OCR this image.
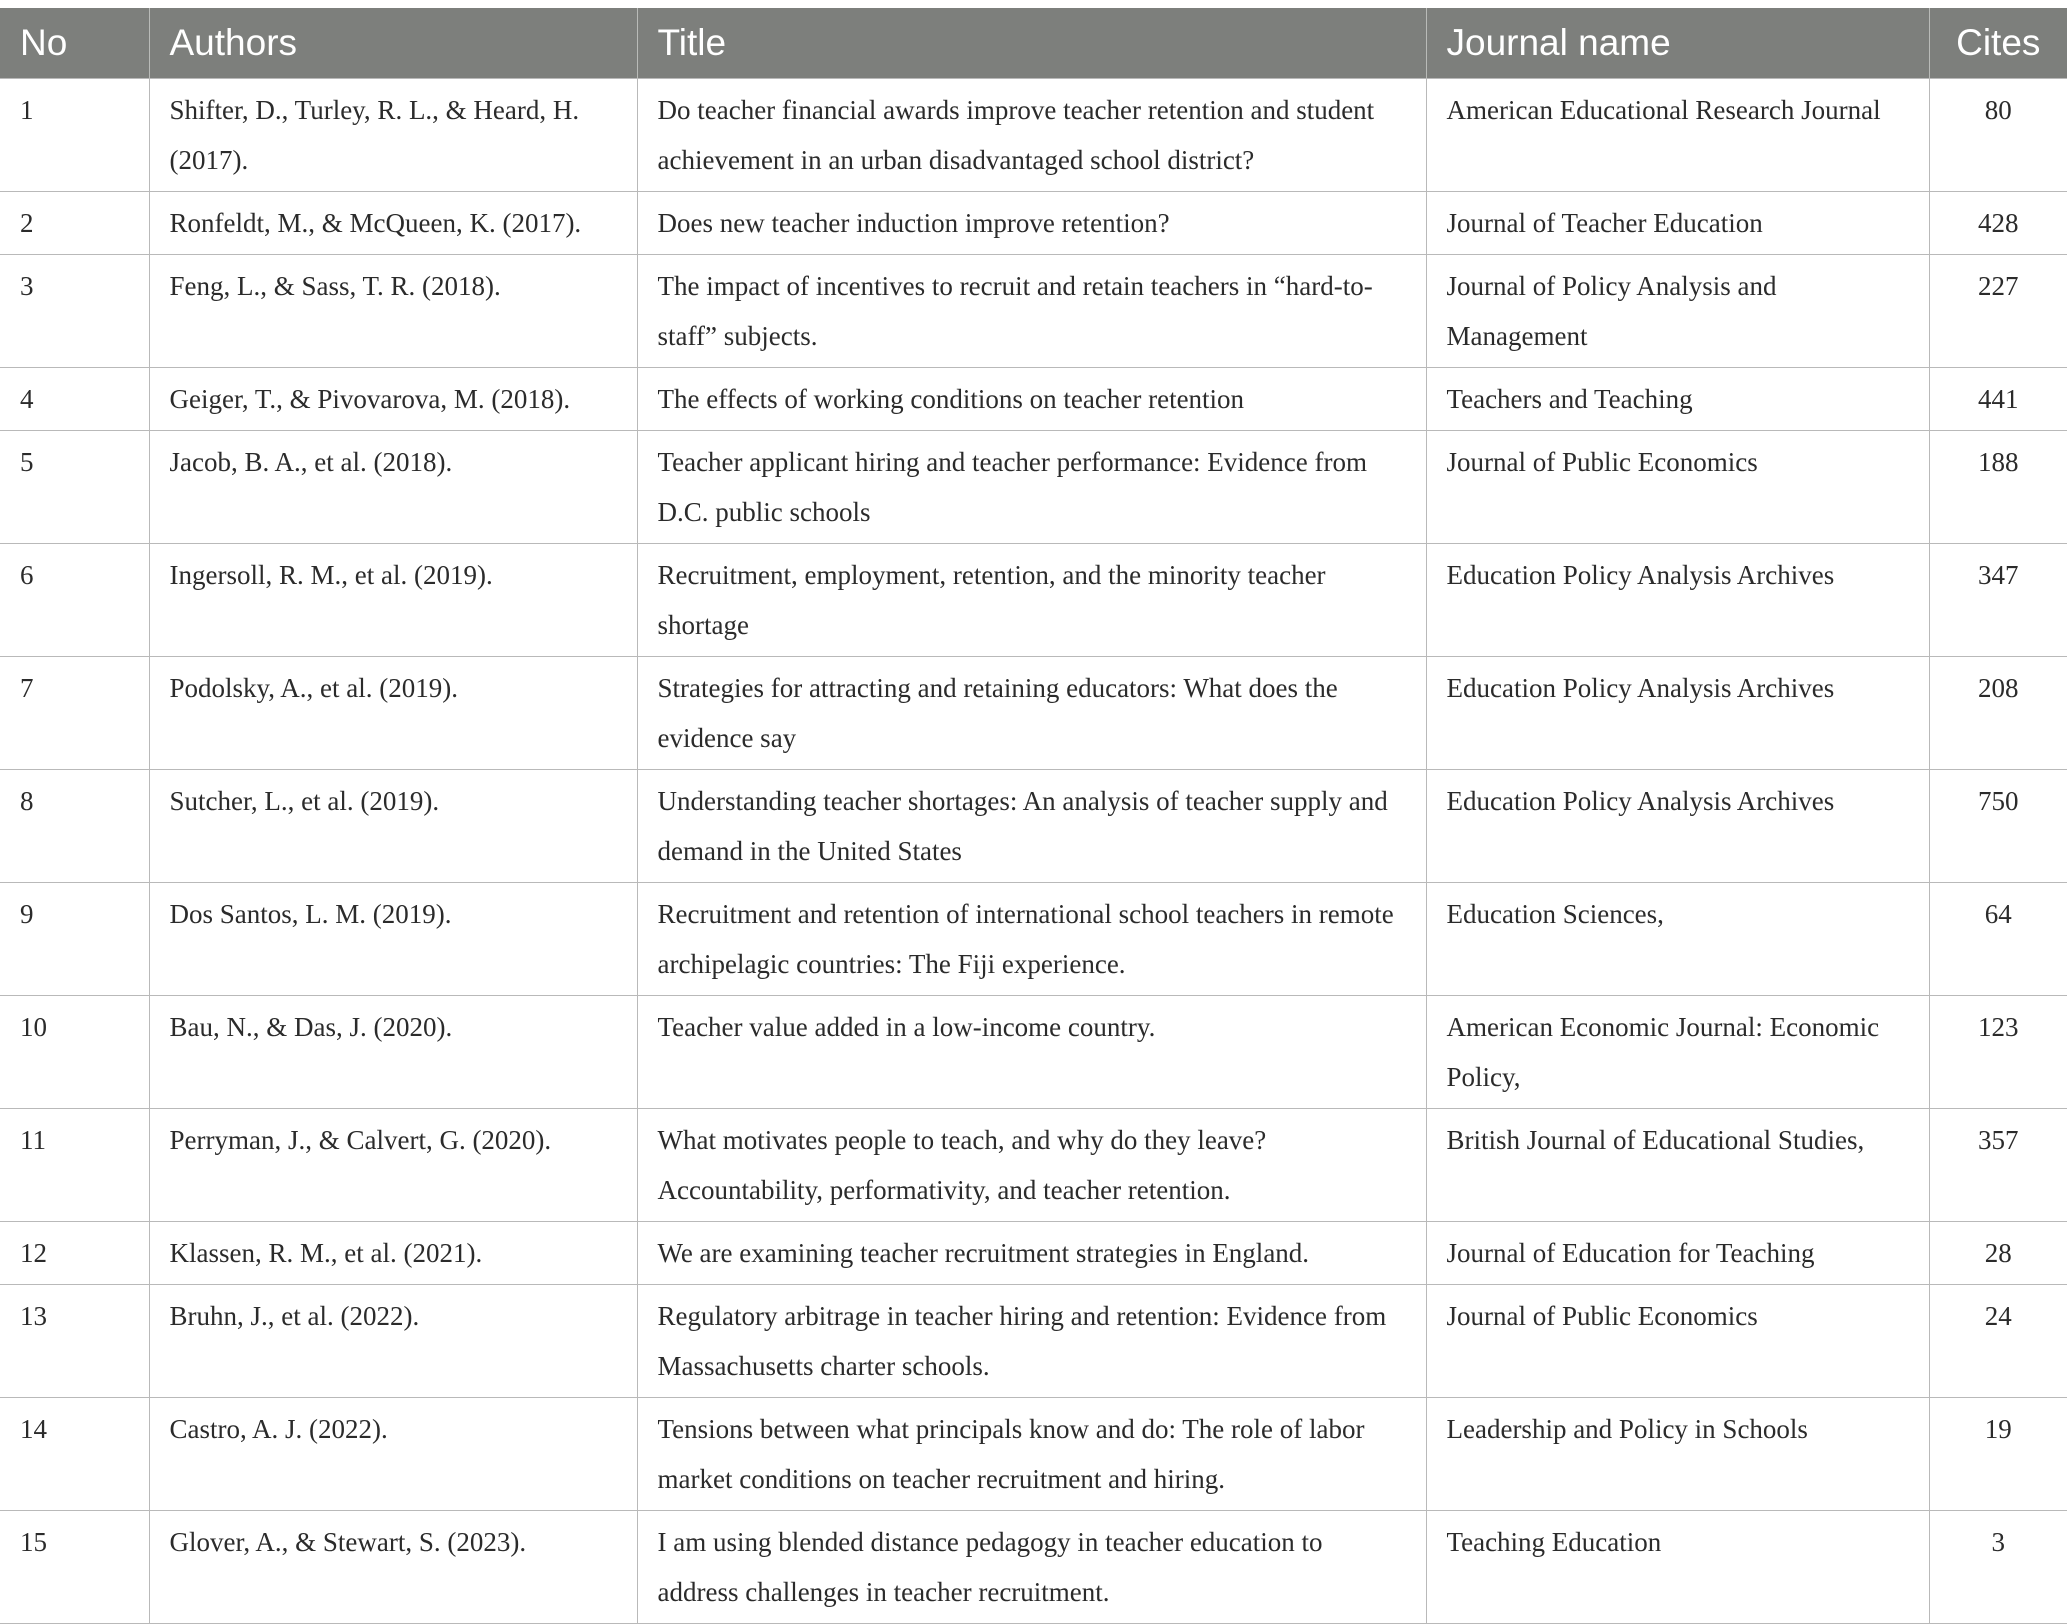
No	Authors	Title	Journal name	Cites
1	Shifter, D., Turley, R. L., & Heard, H. (2017).	Do teacher financial awards improve teacher retention and student achievement in an urban disadvantaged school district?	American Educational Research Journal	80
2	Ronfeldt, M., & McQueen, K. (2017).	Does new teacher induction improve retention?	Journal of Teacher Education	428
3	Feng, L., & Sass, T. R. (2018).	The impact of incentives to recruit and retain teachers in “hard-to-staff” subjects.	Journal of Policy Analysis and Management	227
4	Geiger, T., & Pivovarova, M. (2018).	The effects of working conditions on teacher retention	Teachers and Teaching	441
5	Jacob, B. A., et al. (2018).	Teacher applicant hiring and teacher performance: Evidence from D.C. public schools	Journal of Public Economics	188
6	Ingersoll, R. M., et al. (2019).	Recruitment, employment, retention, and the minority teacher shortage	Education Policy Analysis Archives	347
7	Podolsky, A., et al. (2019).	Strategies for attracting and retaining educators: What does the evidence say	Education Policy Analysis Archives	208
8	Sutcher, L., et al. (2019).	Understanding teacher shortages: An analysis of teacher supply and demand in the United States	Education Policy Analysis Archives	750
9	Dos Santos, L. M. (2019).	Recruitment and retention of international school teachers in remote archipelagic countries: The Fiji experience.	Education Sciences,	64
10	Bau, N., & Das, J. (2020).	Teacher value added in a low-income country.	American Economic Journal: Economic Policy,	123
11	Perryman, J., & Calvert, G. (2020).	What motivates people to teach, and why do they leave? Accountability, performativity, and teacher retention.	British Journal of Educational Studies,	357
12	Klassen, R. M., et al. (2021).	We are examining teacher recruitment strategies in England.	Journal of Education for Teaching	28
13	Bruhn, J., et al. (2022).	Regulatory arbitrage in teacher hiring and retention: Evidence from Massachusetts charter schools.	Journal of Public Economics	24
14	Castro, A. J. (2022).	Tensions between what principals know and do: The role of labor market conditions on teacher recruitment and hiring.	Leadership and Policy in Schools	19
15	Glover, A., & Stewart, S. (2023).	I am using blended distance pedagogy in teacher education to address challenges in teacher recruitment.	Teaching Education	3
